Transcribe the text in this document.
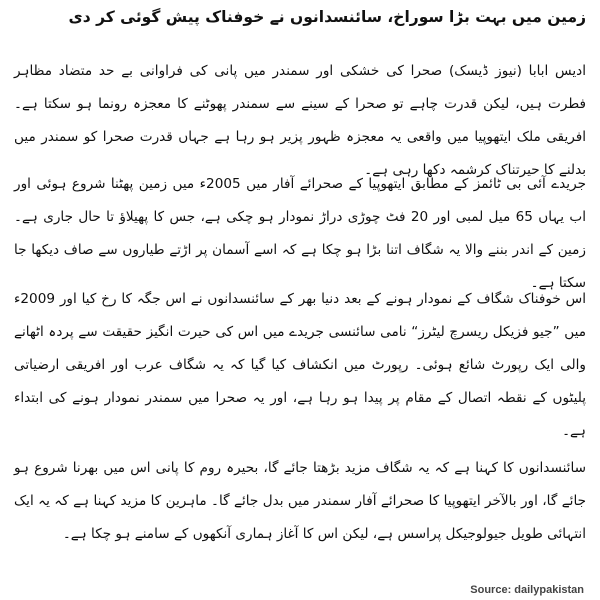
زمین میں بہت بڑا سوراخ، سائنسدانوں نے خوفناک پیش گوئی کر دی

ادیس ابابا (نیوز ڈیسک) صحرا کی خشکی اور سمندر میں پانی کی فراوانی بے حد متضاد مظاہر فطرت ہیں، لیکن قدرت چاہے تو صحرا کے سینے سے سمندر پھوٹنے کا معجزہ رونما ہو سکتا ہے۔ افریقی ملک ایتھوپیا میں واقعی یہ معجزہ ظہور پزیر ہو رہا ہے جہاں قدرت صحرا کو سمندر میں بدلنے کا حیرتناک کرشمہ دکھا رہی ہے۔

جریدے آئی بی ٹائمز کے مطابق ایتھوپیا کے صحرائے آفار میں 2005ء میں زمین پھٹنا شروع ہوئی اور اب یہاں 65 میل لمبی اور 20 فٹ چوڑی دراڑ نمودار ہو چکی ہے، جس کا پھیلاؤ تا حال جاری ہے۔ زمین کے اندر بننے والا یہ شگاف اتنا بڑا ہو چکا ہے کہ اسے آسمان پر اڑتے طیاروں سے صاف دیکھا جا سکتا ہے۔

اس خوفناک شگاف کے نمودار ہونے کے بعد دنیا بھر کے سائنسدانوں نے اس جگہ کا رخ کیا اور 2009ء میں ”جیو فزیکل ریسرچ لیٹرز“ نامی سائنسی جریدے میں اس کی حیرت انگیز حقیقت سے پردہ اٹھانے والی ایک رپورٹ شائع ہوئی۔ رپورٹ میں انکشاف کیا گیا کہ یہ شگاف عرب اور افریقی ارضیاتی پلیٹوں کے نقطہ اتصال کے مقام پر پیدا ہو رہا ہے، اور یہ صحرا میں سمندر نمودار ہونے کی ابتداء ہے۔

سائنسدانوں کا کہنا ہے کہ یہ شگاف مزید بڑھتا جائے گا، بحیرہ روم کا پانی اس میں بھرنا شروع ہو جائے گا، اور بالآخر ایتھوپیا کا صحرائے آفار سمندر میں بدل جائے گا۔ ماہرین کا مزید کہنا ہے کہ یہ ایک انتہائی طویل جیولوجیکل پراسس ہے، لیکن اس کا آغاز ہماری آنکھوں کے سامنے ہو چکا ہے۔

Source: dailypakistan
